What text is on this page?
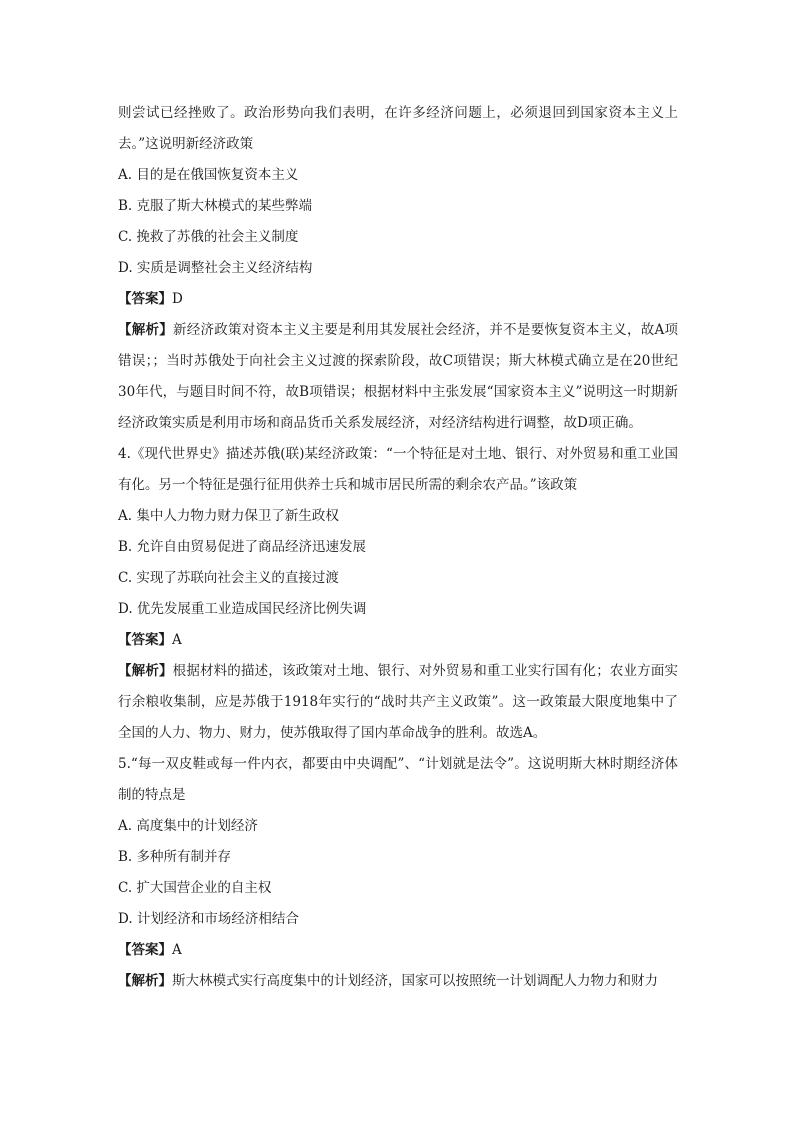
则尝试已经挫败了。政治形势向我们表明，在许多经济问题上，必须退回到国家资本主义上去。”这说明新经济政策

A. 目的是在俄国恢复资本主义

B. 克服了斯大林模式的某些弊端

C. 挽救了苏俄的社会主义制度

D. 实质是调整社会主义经济结构

【答案】D

【解析】新经济政策对资本主义主要是利用其发展社会经济，并不是要恢复资本主义，故A项错误；；当时苏俄处于向社会主义过渡的探索阶段，故C项错误；斯大林模式确立是在20世纪30年代，与题目时间不符，故B项错误；根据材料中主张发展“国家资本主义”说明这一时期新经济政策实质是利用市场和商品货币关系发展经济，对经济结构进行调整，故D项正确。

4.《现代世界史》描述苏俄(联)某经济政策：“一个特征是对土地、银行、对外贸易和重工业国有化。另一个特征是强行征用供养士兵和城市居民所需的剩余农产品。”该政策

A. 集中人力物力财力保卫了新生政权

B. 允许自由贸易促进了商品经济迅速发展

C. 实现了苏联向社会主义的直接过渡

D. 优先发展重工业造成国民经济比例失调

【答案】A

【解析】根据材料的描述，该政策对土地、银行、对外贸易和重工业实行国有化；农业方面实行余粮收集制，应是苏俄于1918年实行的“战时共产主义政策”。这一政策最大限度地集中了全国的人力、物力、财力，使苏俄取得了国内革命战争的胜利。故选A。

5.“每一双皮鞋或每一件内衣，都要由中央调配”、“计划就是法令”。这说明斯大林时期经济体制的特点是

A. 高度集中的计划经济

B. 多种所有制并存

C. 扩大国营企业的自主权

D. 计划经济和市场经济相结合

【答案】A

【解析】斯大林模式实行高度集中的计划经济，国家可以按照统一计划调配人力物力和财力
